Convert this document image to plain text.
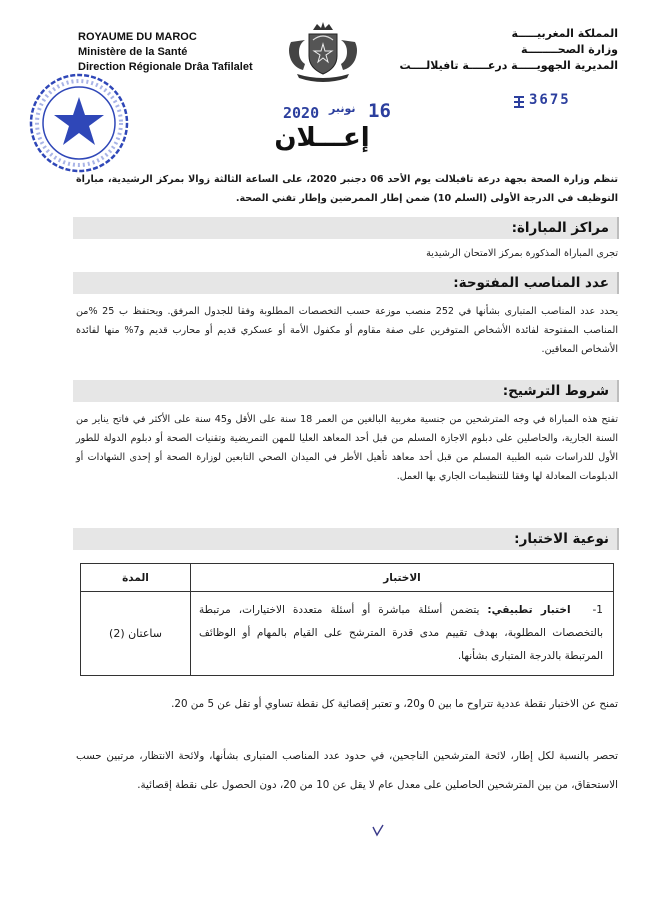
ROYAUME DU MAROC
Ministère de la Santé
Direction Régionale Drâa Tafilalet
المملكة المغربيـــــة
وزارة الصحــــــــة
المديرية الجهويـــــة درعـــــة تافيلالــــت
2020 نونبر 16	3675
إعـــلان
تنظم وزارة الصحة بجهة درعة تافيلالت يوم الأحد 06 دجنبر 2020، على الساعة الثالثة زوالا بمركز الرشيدية، مباراة التوظيف في الدرجة الأولى (السلم 10) ضمن إطار الممرضين وإطار تقني الصحة.
مراكز المباراة:
تجرى المباراة المذكورة بمركز الامتحان الرشيدية
عدد المناصب المفتوحة:
يحدد عدد المناصب المتبارى بشأنها في 252 منصب موزعة حسب التخصصات المطلوبة وفقا للجدول المرفق. ويحتفظ ب 25 %من المناصب المفتوحة لفائدة الأشخاص المتوفرين على صفة مقاوم أو مكفول الأمة أو عسكري قديم أو محارب قديم و7% منها لفائدة الأشخاص المعاقين.
شروط الترشيح:
تفتح هذه المباراة في وجه المترشحين من جنسية مغربية البالغين من العمر 18 سنة على الأقل و45 سنة على الأكثر في فاتح يناير من السنة الجارية، والحاصلين على دبلوم الاجازة المسلم من قبل أحد المعاهد العليا للمهن التمريضية وتقنيات الصحة أو دبلوم الدولة للطور الأول للدراسات شبه الطبية المسلم من قبل أحد معاهد تأهيل الأطر في الميدان الصحي التابعين لوزارة الصحة أو إحدى الشهادات أو الدبلومات المعادلة لها وفقا للتنظيمات الجاري بها العمل.
نوعية الاختبار:
الاختبار	المدة
1- اختبار تطبيقي: يتضمن أسئلة مباشرة أو أسئلة متعددة الاختيارات، مرتبطة بالتخصصات المطلوبة، بهدف تقييم مدى قدرة المترشح على القيام بالمهام أو الوظائف المرتبطة بالدرجة المتبارى بشأنها.	ساعتان (2)
تمنح عن الاختبار نقطة عددية تتراوح ما بين 0 و20، و تعتبر إقصائية كل نقطة تساوي أو تقل عن 5 من 20.
تحصر بالنسبة لكل إطار، لائحة المترشحين الناجحين، في حدود عدد المناصب المتبارى بشأنها، ولائحة الانتظار، مرتبين حسب الاستحقاق، من بين المترشحين الحاصلين على معدل عام لا يقل عن 10 من 20، دون الحصول على نقطة إقصائية.
